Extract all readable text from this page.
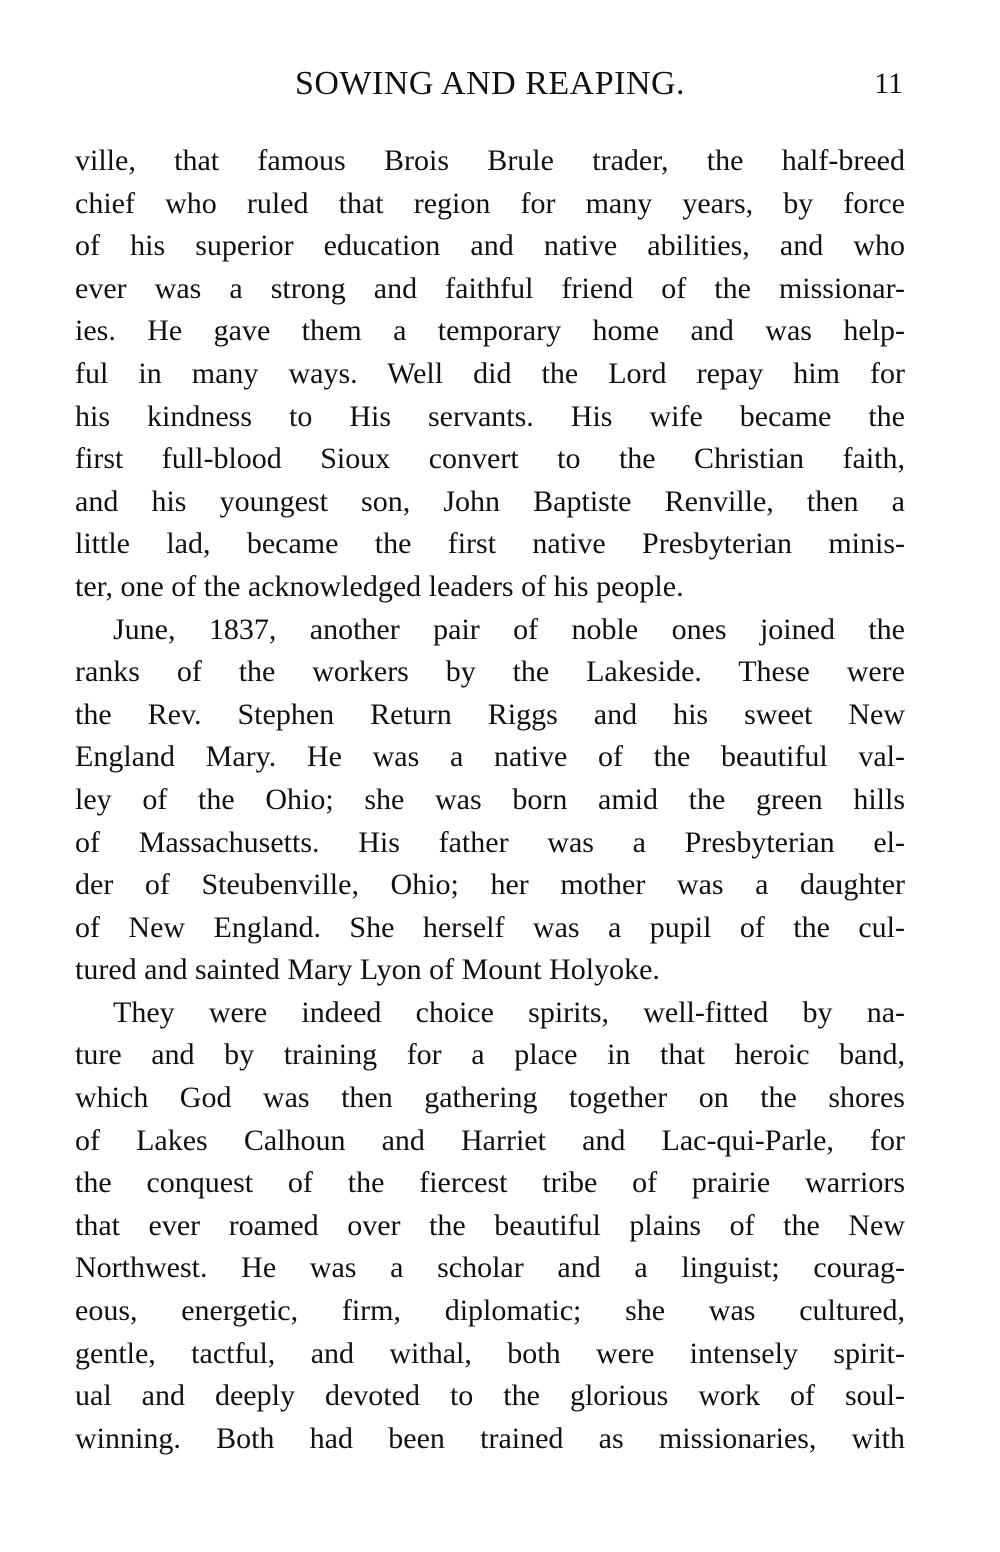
SOWING AND REAPING.	11
ville, that famous Brois Brule trader, the half-breed
chief who ruled that region for many years, by force
of his superior education and native abilities, and who
ever was a strong and faithful friend of the missionar-
ies. He gave them a temporary home and was help-
ful in many ways. Well did the Lord repay him for
his kindness to His servants. His wife became the
first full-blood Sioux convert to the Christian faith,
and his youngest son, John Baptiste Renville, then a
little lad, became the first native Presbyterian minis-
ter, one of the acknowledged leaders of his people.
June, 1837, another pair of noble ones joined the
ranks of the workers by the Lakeside. These were
the Rev. Stephen Return Riggs and his sweet New
England Mary. He was a native of the beautiful val-
ley of the Ohio; she was born amid the green hills
of Massachusetts. His father was a Presbyterian el-
der of Steubenville, Ohio; her mother was a daughter
of New England. She herself was a pupil of the cul-
tured and sainted Mary Lyon of Mount Holyoke.
They were indeed choice spirits, well-fitted by na-
ture and by training for a place in that heroic band,
which God was then gathering together on the shores
of Lakes Calhoun and Harriet and Lac-qui-Parle, for
the conquest of the fiercest tribe of prairie warriors
that ever roamed over the beautiful plains of the New
Northwest. He was a scholar and a linguist; courag-
eous, energetic, firm, diplomatic; she was cultured,
gentle, tactful, and withal, both were intensely spirit-
ual and deeply devoted to the glorious work of soul-
winning. Both had been trained as missionaries, with
